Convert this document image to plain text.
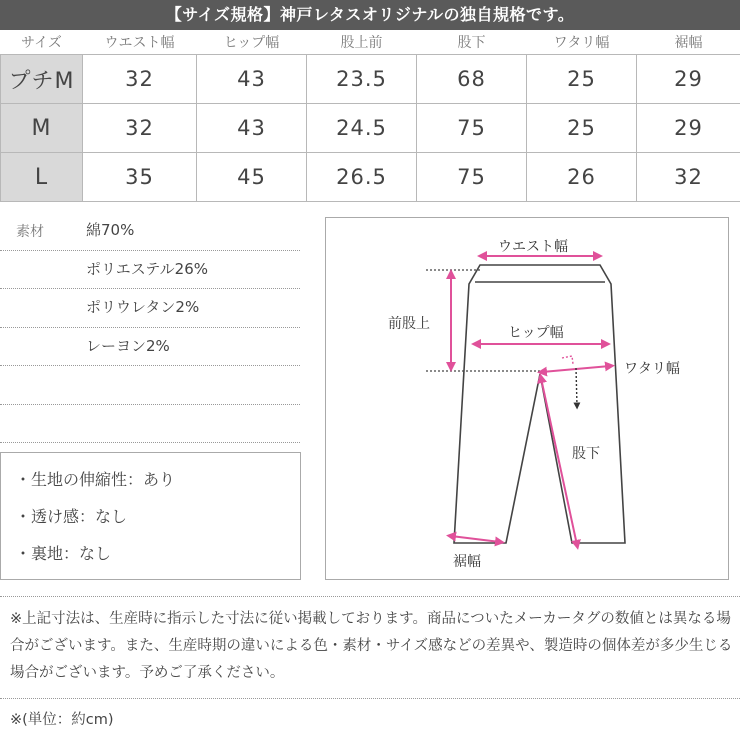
【サイズ規格】神戸レタスオリジナルの独自規格です。
サイズ	ウエスト幅	ヒップ幅	股上前	股下	ワタリ幅	裾幅
プチM	32	43	23.5	68	25	29
M	32	43	24.5	75	25	29
L	35	45	26.5	75	26	32
素材	綿70%
ポリエステル26%
ポリウレタン2%
レーヨン2%
・生地の伸縮性：あり
・透け感：なし
・裏地：なし
ウエスト幅
前股上
ヒップ幅
ワタリ幅
股下
裾幅
※上記寸法は、生産時に指示した寸法に従い掲載しております。商品についたメーカータグの数値とは異なる場合がございます。また、生産時期の違いによる色・素材・サイズ感などの差異や、製造時の個体差が多少生じる場合がございます。予めご了承ください。
※(単位：約cm)
